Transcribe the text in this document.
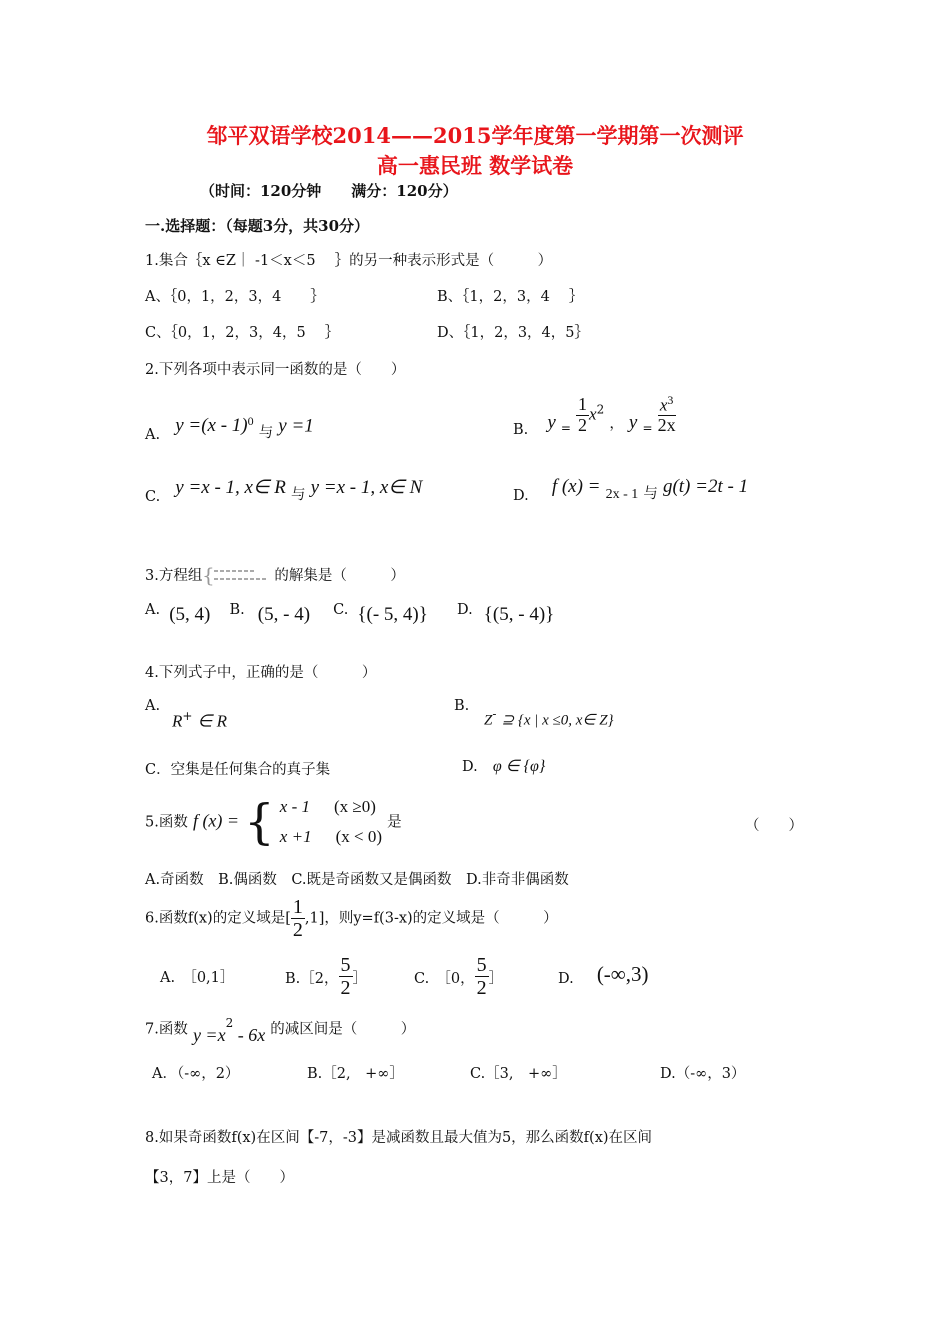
邹平双语学校2014——2015学年度第一学期第一次测评
高一惠民班 数学试卷
（时间：120分钟　　满分：120分）
一.选择题：（每题3分，共30分）
1.集合｛x ∈Z｜ -1＜x＜5　 ｝的另一种表示形式是（　　　）
A、｛0，1，2，3，4　　｝	B、｛1，2，3，4　 ｝
C、｛0，1，2，3，4，5　 ｝	D、｛1，2，3，4，5｝
2.下列各项中表示同一函数的是（　　）
A. y =(x - 1)$^0$ 与 y =1	B. y $_= \frac{1}{2} x^2$ ， y $_= \frac{x^3}{2x}$
C. y =x - 1, x∈ R 与 y =x - 1, x∈ N	D. f (x) = 2x - 1 与 g(t) =2t - 1
3.方程组 {	的解集是（　　　）
A. (5, 4) B. (5, - 4) C. {(- 5, 4)} D. {(5, - 4)}
4.下列式子中，正确的是（　　　）
A.
R+ ∈ R
B.
Z- ⊇ {x | x ≤0, x∈ Z}
C．空集是任何集合的真子集	D. φ ∈ {φ}
5.函数 f (x) = { x - 1 (x ≥0)
x +1 (x < 0)
是	（　　）
A.奇函数　B.偶函数　C.既是奇函数又是偶函数　D.非奇非偶函数
6.函数f(x)的定义域是[ $\frac{1}{2} ,1$]，则y=f(3-x)的定义域是（　　　）
A.　［0,1］	B.［2， $\frac{5}{2}$ ］	C.　［0， $\frac{5}{2}$ ］	D. (-∞,3)
7.函数 $y =x^2 - 6x$ 的减区间是（　　　）
A．（-∞，2）	B.［2,　+∞］	C.［3,　+∞］	D.（-∞，3）
8.如果奇函数f(x)在区间【-7，-3】是减函数且最大值为5，那么函数f(x)在区间
【3，7】上是（　　）
